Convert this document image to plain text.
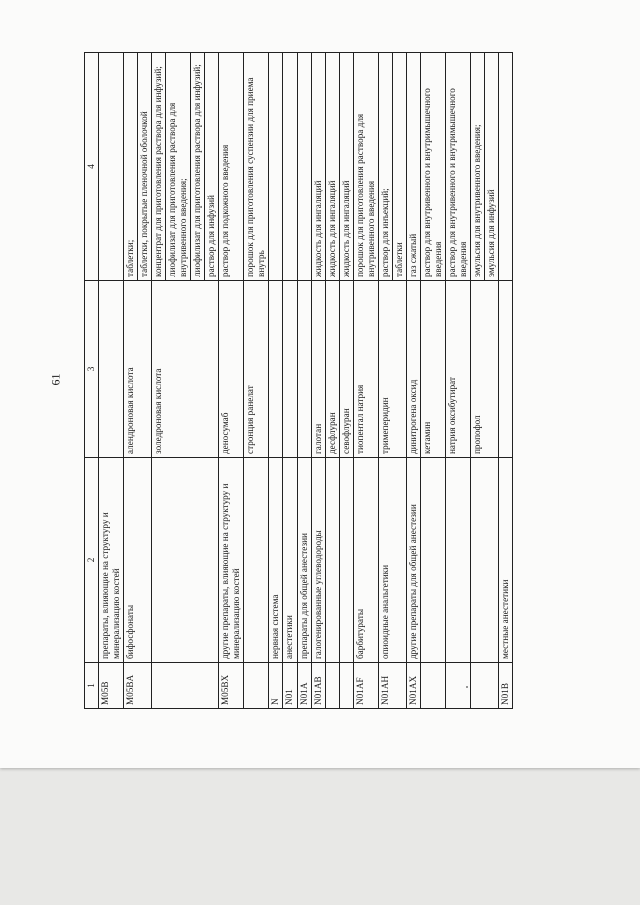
61
1	2	3	4
M05B	препараты, влияющие на структуру и минерализацию костей		

M05BA	бифосфонаты	алендроновая кислота	таблетки; таблетки, покрытые пленочной оболочкой

		золедроновая кислота	концентрат для приготовления раствора для инфузий; лиофилизат для приготовления раствора для внутривенного введения; лиофилизат для приготовления раствора для инфузий; раствор для инфузий

M05BX	другие препараты, влияющие на структуру и минерализацию костей	деносумаб	раствор для подкожного введения

		стронция ранелат	порошок для приготовления суспензии для приема внутрь

N	нервная система		

N01	анестетики		

N01A	препараты для общей анестезии		

N01AB	галогенированные углеводороды	галотан	жидкость для ингаляций

		десфлуран	жидкость для ингаляций

		севофлуран	жидкость для ингаляций

N01AF	барбитураты	тиопентал натрия	порошок для приготовления раствора для внутривенного введения

N01AH	опиоидные анальгетики	тримеперидин	раствор для инъекций; таблетки

N01AX	другие препараты для общей анестезии	динитрогена оксид	газ сжатый

		кетамин	раствор для внутривенного и внутримышечного введения

		натрия оксибутират	раствор для внутривенного и внутримышечного введения

		пропофол	эмульсия для внутривенного введения; эмульсия для инфузий

N01B	местные анестетики		
